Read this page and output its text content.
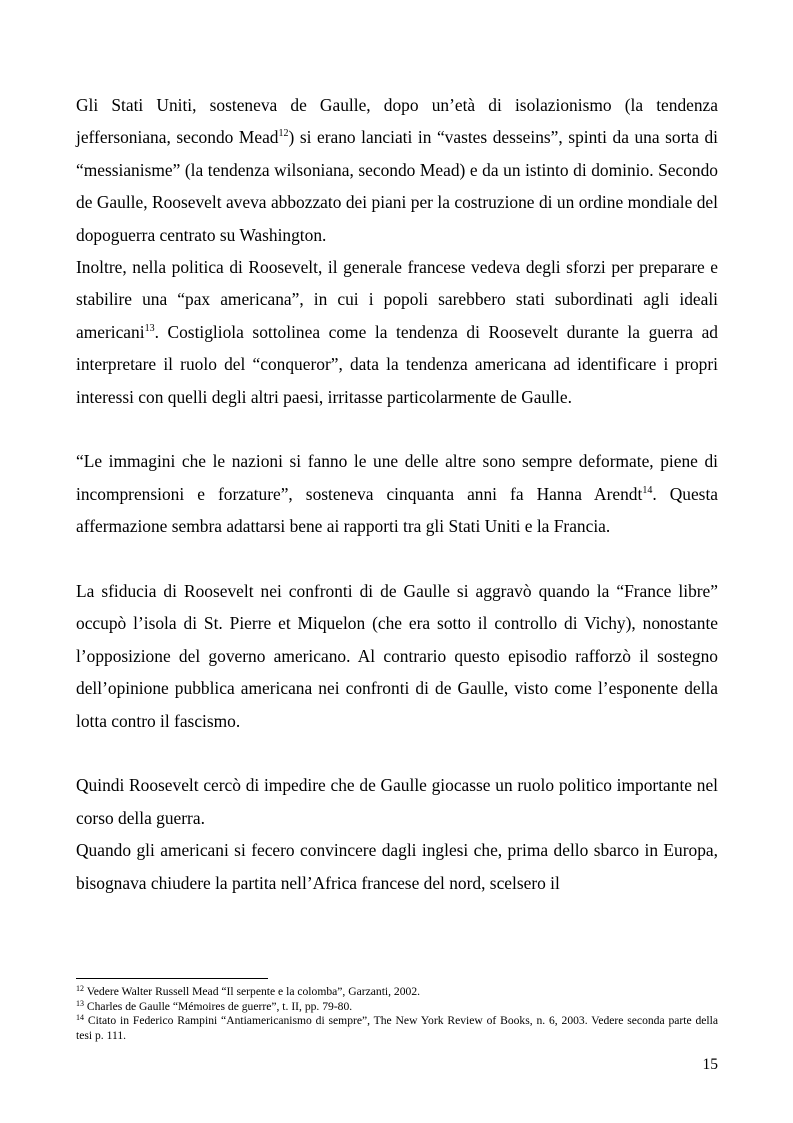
Gli Stati Uniti, sosteneva de Gaulle, dopo un’età di isolazionismo (la tendenza jeffersoniana, secondo Mead$^{12}$) si erano lanciati in “vastes desseins”, spinti da una sorta di “messianisme” (la tendenza wilsoniana, secondo Mead) e da un istinto di dominio. Secondo de Gaulle, Roosevelt aveva abbozzato dei piani per la costruzione di un ordine mondiale del dopoguerra centrato su Washington.

Inoltre, nella politica di Roosevelt, il generale francese vedeva degli sforzi per preparare e stabilire una “pax americana”, in cui i popoli sarebbero stati subordinati agli ideali americani$^{13}$. Costigliola sottolinea come la tendenza di Roosevelt durante la guerra ad interpretare il ruolo del “conqueror”, data la tendenza americana ad identificare i propri interessi con quelli degli altri paesi, irritasse particolarmente de Gaulle.

“Le immagini che le nazioni si fanno le une delle altre sono sempre deformate, piene di incomprensioni e forzature”, sosteneva cinquanta anni fa Hanna Arendt$^{14}$. Questa affermazione sembra adattarsi bene ai rapporti tra gli Stati Uniti e la Francia.

La sfiducia di Roosevelt nei confronti di de Gaulle si aggravò quando la “France libre” occupò l’isola di St. Pierre et Miquelon (che era sotto il controllo di Vichy), nonostante l’opposizione del governo americano. Al contrario questo episodio rafforzò il sostegno dell’opinione pubblica americana nei confronti di de Gaulle, visto come l’esponente della lotta contro il fascismo.

Quindi Roosevelt cercò di impedire che de Gaulle giocasse un ruolo politico importante nel corso della guerra.

Quando gli americani si fecero convincere dagli inglesi che, prima dello sbarco in Europa, bisognava chiudere la partita nell’Africa francese del nord, scelsero il

$^{12}$ Vedere Walter Russell Mead “Il serpente e la colomba”, Garzanti, 2002.

$^{13}$ Charles de Gaulle “Mémoires de guerre”, t. II, pp. 79-80.

$^{14}$ Citato in Federico Rampini “Antiamericanismo di sempre”, The New York Review of Books, n. 6, 2003. Vedere seconda parte della tesi p. 111.

15
